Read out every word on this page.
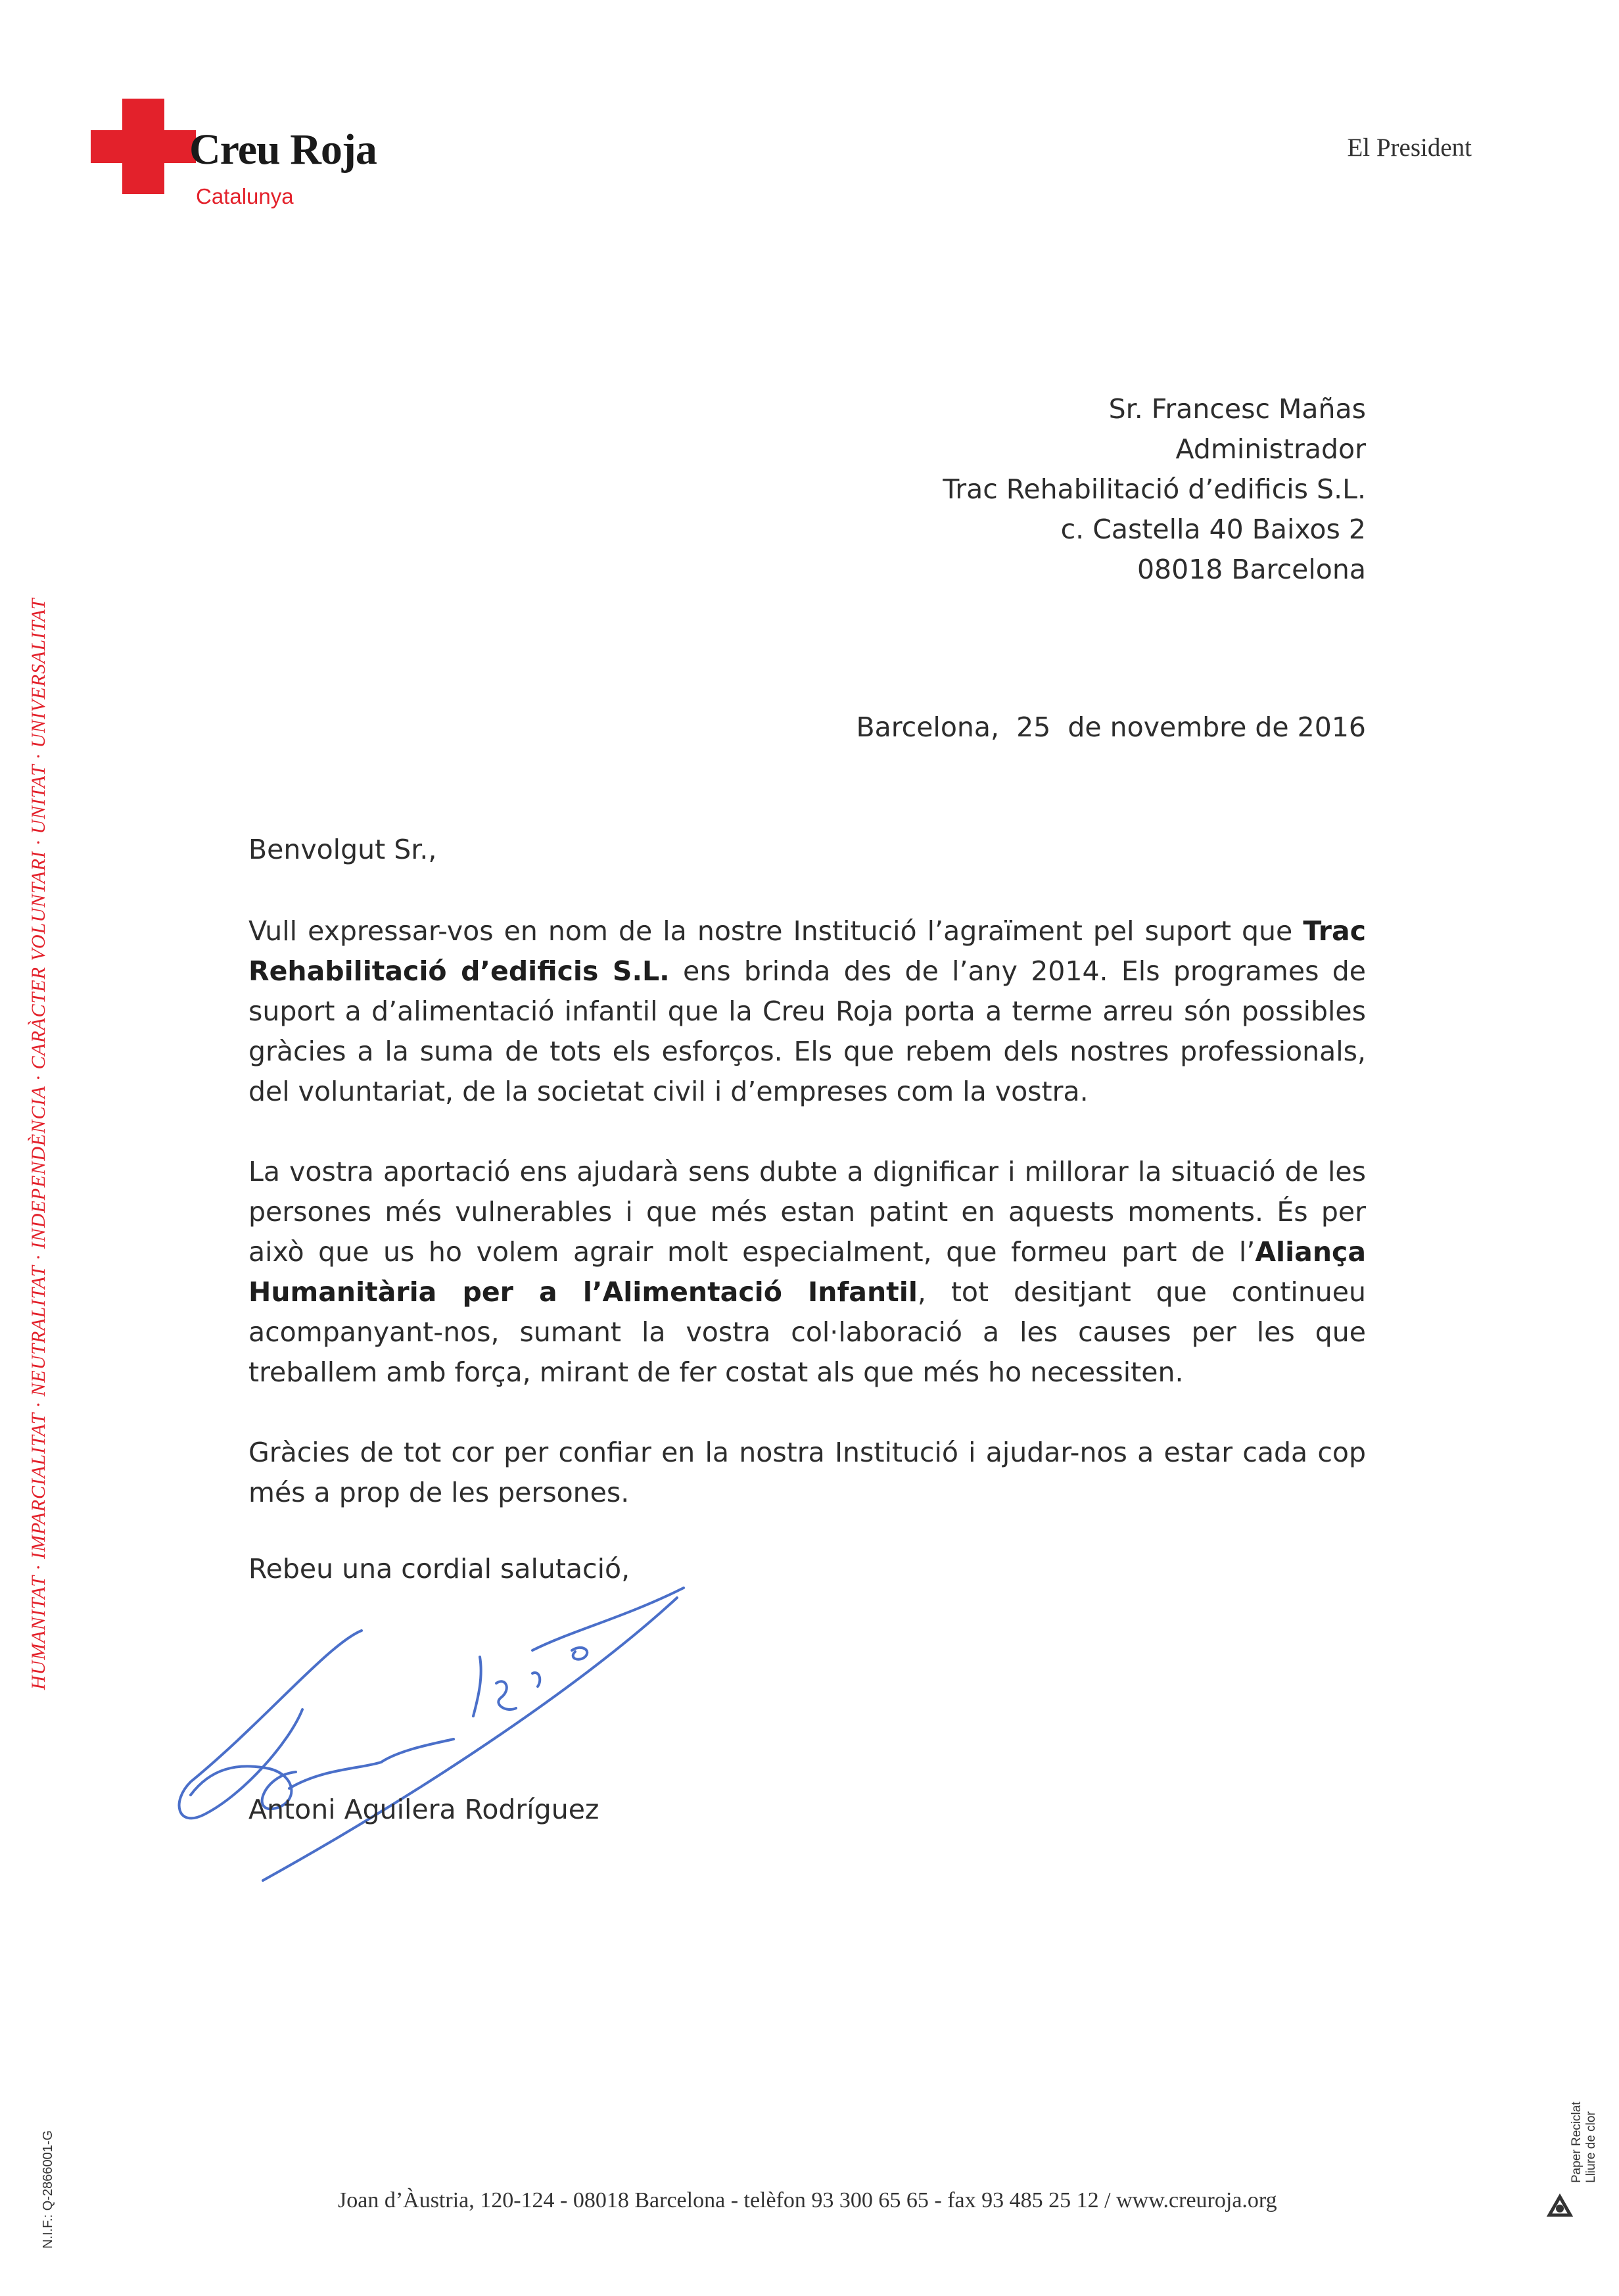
Creu Roja
Catalunya
El President
Sr. Francesc Mañas
Administrador
Trac Rehabilitació d’edificis S.L.
c. Castella 40 Baixos 2
08018 Barcelona
Barcelona,  25  de novembre de 2016

Benvolgut Sr.,

Vull expressar-vos en nom de la nostre Institució l’agraïment pel suport que Trac Rehabilitació d’edificis S.L. ens brinda des de l’any 2014. Els programes de suport a d’alimentació infantil que la Creu Roja porta a terme arreu són possibles gràcies a la suma de tots els esforços. Els que rebem dels nostres professionals, del voluntariat, de la societat civil i d’empreses com la vostra.

La vostra aportació ens ajudarà sens dubte a dignificar i millorar la situació de les persones més vulnerables i que més estan patint en aquests moments. És per això que us ho volem agrair molt especialment, que formeu part de l’Aliança Humanitària per a l’Alimentació Infantil, tot desitjant que continueu acompanyant-nos, sumant la vostra col·laboració a les causes per les que treballem amb força, mirant de fer costat als que més ho necessiten.

Gràcies de tot cor per confiar en la nostra Institució i ajudar-nos a estar cada cop més a prop de les persones.

Rebeu una cordial salutació,
Antoni Aguilera Rodríguez
HUMANITAT · IMPARCIALITAT · NEUTRALITAT · INDEPENDÈNCIA · CARÀCTER VOLUNTARI · UNITAT · UNIVERSALITAT
N.I.F.: Q-2866001-G	Joan d’Àustria, 120-124 - 08018 Barcelona - telèfon 93 300 65 65 - fax 93 485 25 12 / www.creuroja.org
Paper Reciclat Lliure de clor
